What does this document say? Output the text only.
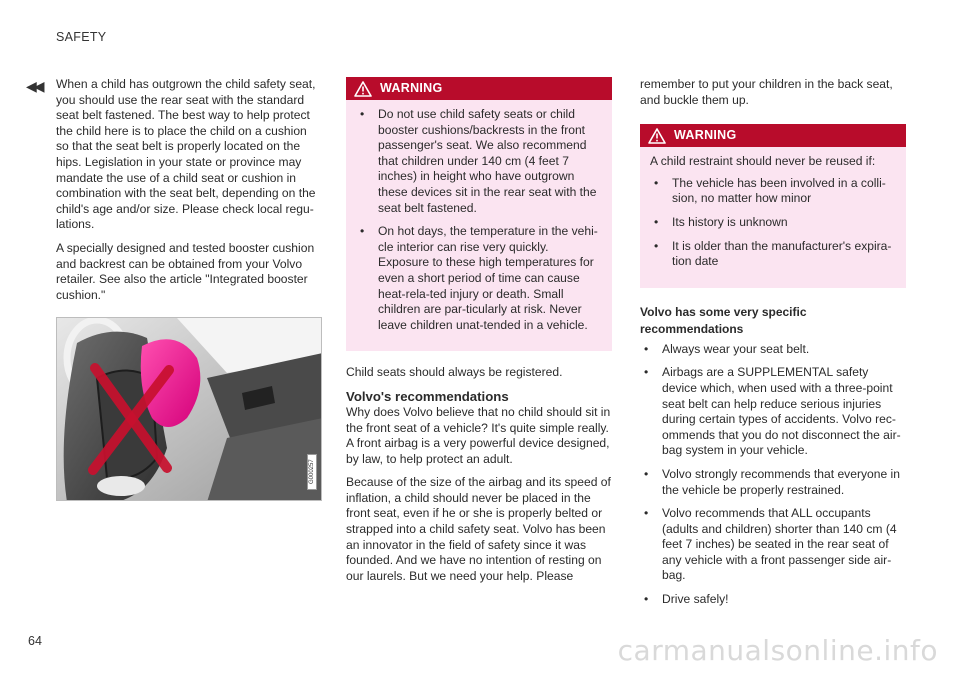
SAFETY
◀◀ When a child has outgrown the child safety seat, you should use the rear seat with the standard seat belt fastened. The best way to help protect the child here is to place the child on a cushion so that the seat belt is properly located on the hips. Legislation in your state or province may mandate the use of a child seat or cushion in combination with the seat belt, depending on the child's age and/or size. Please check local regu-lations.

A specially designed and tested booster cushion and backrest can be obtained from your Volvo retailer. See also the article "Integrated booster cushion."

G000257
WARNING
• Do not use child safety seats or child booster cushions/backrests in the front passenger's seat. We also recommend that children under 140 cm (4 feet 7 inches) in height who have outgrown these devices sit in the rear seat with the seat belt fastened.
• On hot days, the temperature in the vehi-cle interior can rise very quickly. Exposure to these high temperatures for even a short period of time can cause heat-rela-ted injury or death. Small children are par-ticularly at risk. Never leave children unat-tended in a vehicle.

Child seats should always be registered.

Volvo's recommendations

Why does Volvo believe that no child should sit in the front seat of a vehicle? It's quite simple really. A front airbag is a very powerful device designed, by law, to help protect an adult.

Because of the size of the airbag and its speed of inflation, a child should never be placed in the front seat, even if he or she is properly belted or strapped into a child safety seat. Volvo has been an innovator in the field of safety since it was founded. And we have no intention of resting on our laurels. But we need your help. Please

remember to put your children in the back seat, and buckle them up.

WARNING
A child restraint should never be reused if:
• The vehicle has been involved in a colli-sion, no matter how minor
• Its history is unknown
• It is older than the manufacturer's expira-tion date
Volvo has some very specific recommendations
• Always wear your seat belt.
• Airbags are a SUPPLEMENTAL safety device which, when used with a three-point seat belt can help reduce serious injuries during certain types of accidents. Volvo rec-ommends that you do not disconnect the air-bag system in your vehicle.
• Volvo strongly recommends that everyone in the vehicle be properly restrained.
• Volvo recommends that ALL occupants (adults and children) shorter than 140 cm (4 feet 7 inches) be seated in the rear seat of any vehicle with a front passenger side air-bag.
• Drive safely!
64	carmanualsonline.info
